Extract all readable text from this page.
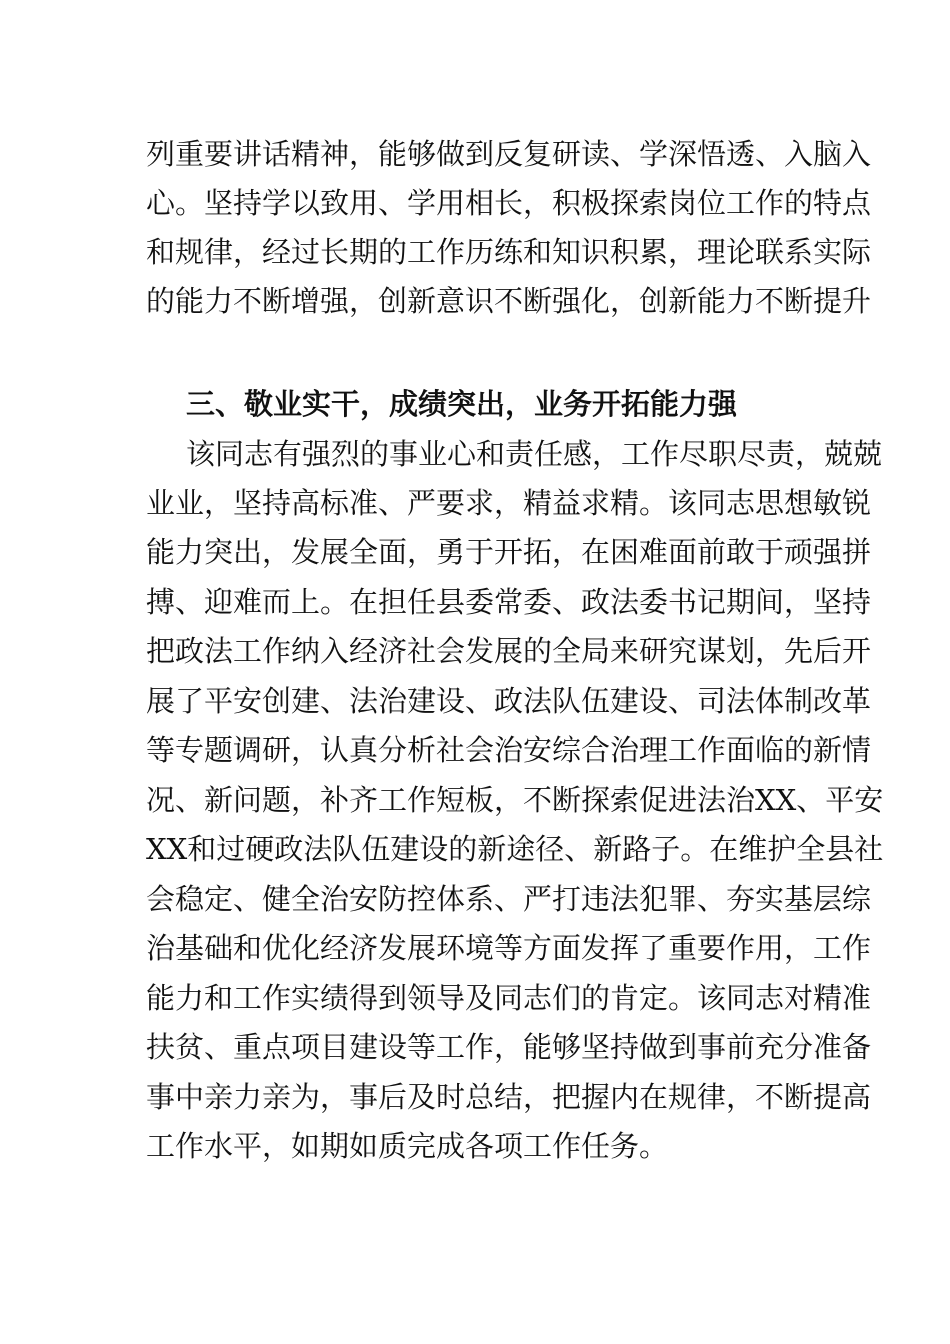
列重要讲话精神，能够做到反复研读、学深悟透、入脑入
心。坚持学以致用、学用相长，积极探索岗位工作的特点
和规律，经过长期的工作历练和知识积累，理论联系实际
的能力不断增强，创新意识不断强化，创新能力不断提升
三、敬业实干，成绩突出，业务开拓能力强
该同志有强烈的事业心和责任感，工作尽职尽责，兢兢
业业，坚持高标准、严要求，精益求精。该同志思想敏锐
能力突出，发展全面，勇于开拓，在困难面前敢于顽强拼
搏、迎难而上。在担任县委常委、政法委书记期间，坚持
把政法工作纳入经济社会发展的全局来研究谋划，先后开
展了平安创建、法治建设、政法队伍建设、司法体制改革
等专题调研，认真分析社会治安综合治理工作面临的新情
况、新问题，补齐工作短板，不断探索促进法治XX、平安
XX和过硬政法队伍建设的新途径、新路子。在维护全县社
会稳定、健全治安防控体系、严打违法犯罪、夯实基层综
治基础和优化经济发展环境等方面发挥了重要作用，工作
能力和工作实绩得到领导及同志们的肯定。该同志对精准
扶贫、重点项目建设等工作，能够坚持做到事前充分准备
事中亲力亲为，事后及时总结，把握内在规律，不断提高
工作水平，如期如质完成各项工作任务。
